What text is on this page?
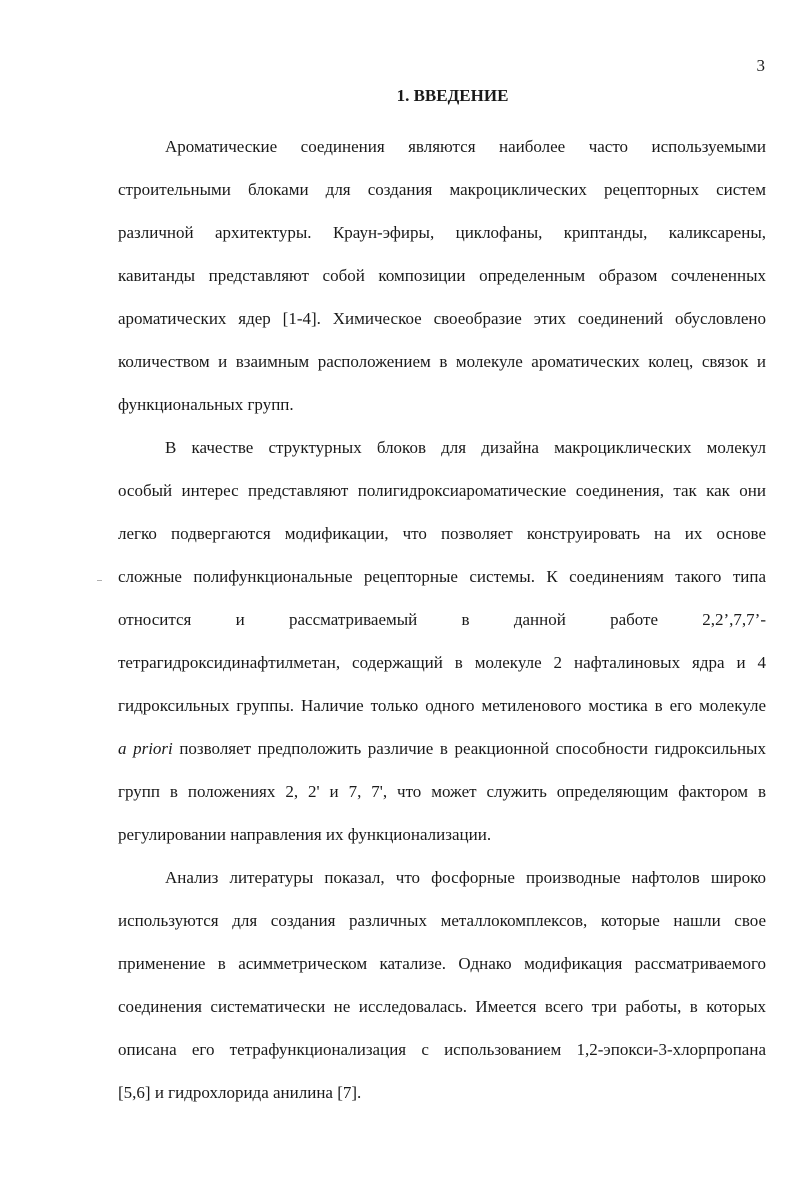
3
1. ВВЕДЕНИЕ
Ароматические соединения являются наиболее часто используемыми
строительными блоками для создания макроциклических рецепторных систем
различной архитектуры. Краун-эфиры, циклофаны, криптанды, каликсарены,
кавитанды представляют собой композиции определенным образом сочлененных
ароматических ядер [1-4]. Химическое своеобразие этих соединений обусловлено
количеством и взаимным расположением в молекуле ароматических колец, связок и
функциональных групп.
В качестве структурных блоков для дизайна макроциклических молекул
особый интерес представляют полигидроксиароматические соединения, так как они
легко подвергаются модификации, что позволяет конструировать на их основе
сложные полифункциональные рецепторные системы. К соединениям такого типа
относится	и	рассматриваемый	в	данной	работе	2,2’,7,7’-
тетрагидроксидинафтилметан, содержащий в молекуле 2 нафталиновых ядра и 4
гидроксильных группы. Наличие только одного метиленового мостика в его молекуле
a priori позволяет предположить различие в реакционной способности гидроксильных
групп в положениях 2, 2' и 7, 7', что может служить определяющим фактором в
регулировании направления их функционализации.
Анализ литературы показал, что фосфорные производные нафтолов широко
используются для создания различных металлокомплексов, которые нашли свое
применение в асимметрическом катализе. Однако модификация рассматриваемого
соединения систематически не исследовалась. Имеется всего три работы, в которых
описана его тетрафункционализация с использованием 1,2-эпокси-3-хлорпропана
[5,6] и гидрохлорида анилина [7].
